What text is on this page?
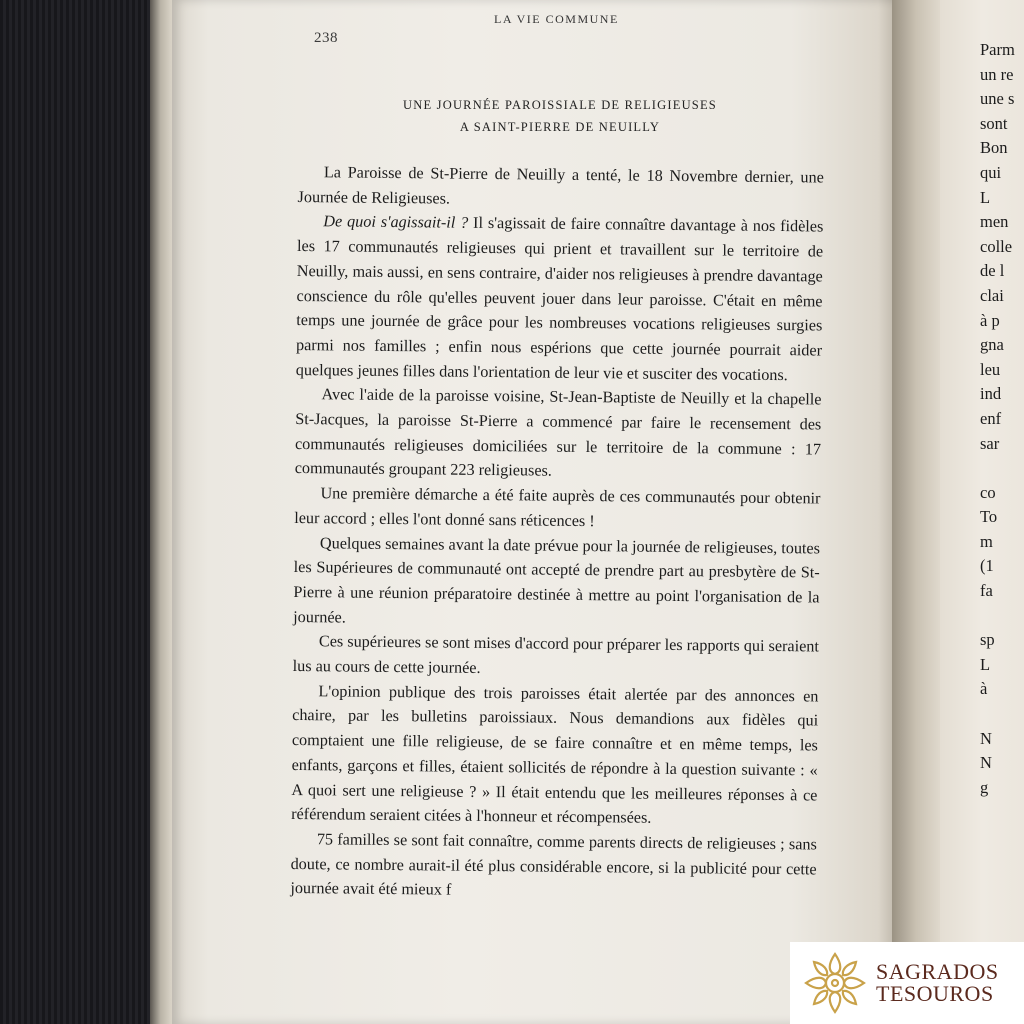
238
LA VIE COMMUNE
UNE JOURNÉE PAROISSIALE DE RELIGIEUSES
A SAINT-PIERRE DE NEUILLY

La Paroisse de St-Pierre de Neuilly a tenté, le 18 Novembre dernier, une Journée de Religieuses.

De quoi s'agissait-il ? Il s'agissait de faire connaître davantage à nos fidèles les 17 communautés religieuses qui prient et travaillent sur le territoire de Neuilly, mais aussi, en sens contraire, d'aider nos religieuses à prendre davantage conscience du rôle qu'elles peuvent jouer dans leur paroisse. C'était en même temps une journée de grâce pour les nombreuses vocations religieuses surgies parmi nos familles ; enfin nous espérions que cette journée pourrait aider quelques jeunes filles dans l'orientation de leur vie et susciter des vocations.

Avec l'aide de la paroisse voisine, St-Jean-Baptiste de Neuilly et la chapelle St-Jacques, la paroisse St-Pierre a commencé par faire le recensement des communautés religieuses domiciliées sur le territoire de la commune : 17 communautés groupant 223 religieuses.

Une première démarche a été faite auprès de ces communautés pour obtenir leur accord ; elles l'ont donné sans réticences !

Quelques semaines avant la date prévue pour la journée de religieuses, toutes les Supérieures de communauté ont accepté de prendre part au presbytère de St-Pierre à une réunion préparatoire destinée à mettre au point l'organisation de la journée.

Ces supérieures se sont mises d'accord pour préparer les rapports qui seraient lus au cours de cette journée.

L'opinion publique des trois paroisses était alertée par des annonces en chaire, par les bulletins paroissiaux. Nous demandions aux fidèles qui comptaient une fille religieuse, de se faire connaître et en même temps, les enfants, garçons et filles, étaient sollicités de répondre à la question suivante : « A quoi sert une religieuse ? » Il était entendu que les meilleures réponses à ce référendum seraient citées à l'honneur et récompensées.

75 familles se sont fait connaître, comme parents directs de religieuses ; sans doute, ce nombre aurait-il été plus considérable encore, si la publicité pour cette journée avait été mieux f

Parm
un re
une s
sont
Bon
qui
L
men
colle
de l
clai
à p
gna
leu
ind
enf
sar
co
To
m
(1
fa
sp
L
à
N
N
g
SAGRADOS
TESOUROS
